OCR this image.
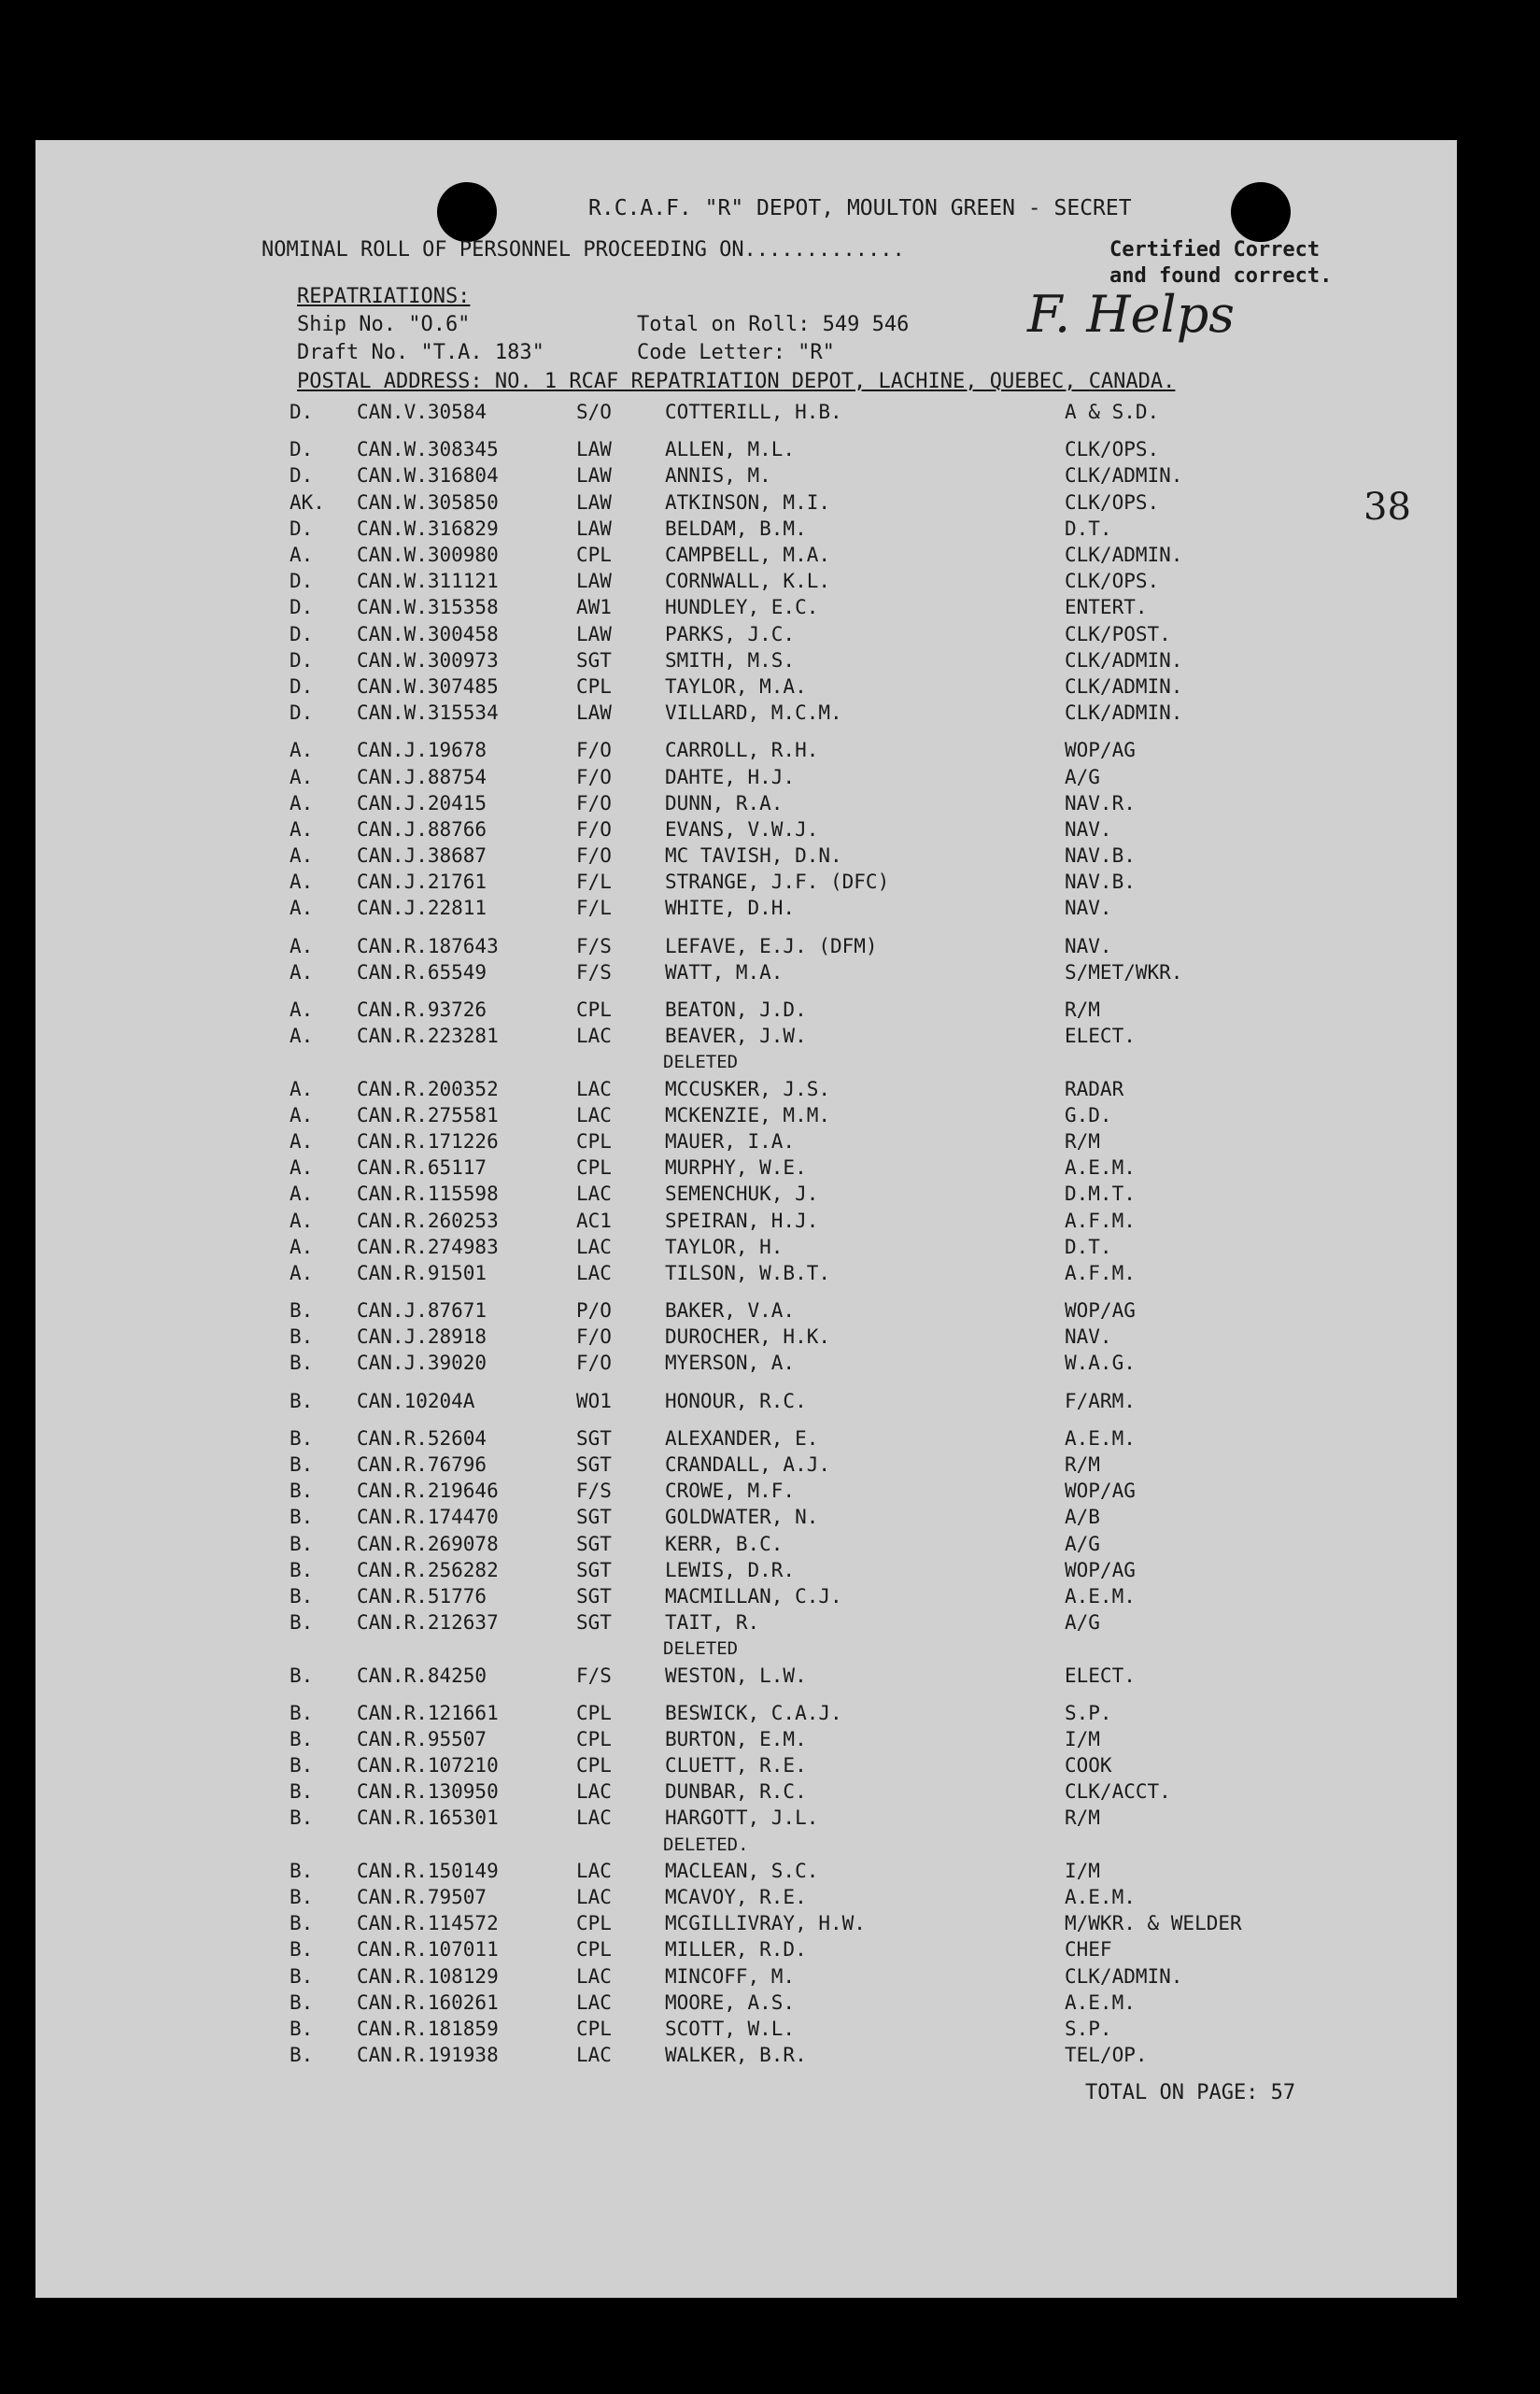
R.C.A.F. "R" DEPOT, MOULTON GREEN - SECRET
NOMINAL ROLL OF PERSONNEL PROCEEDING ON.............	Certified Correct
and found correct.
REPATRIATIONS:
Ship No. "O.6"	Total on Roll: 549 546 F. Helps
Draft No. "T.A. 183"	Code Letter: "R"
POSTAL ADDRESS: NO. 1 RCAF REPATRIATION DEPOT, LACHINE, QUEBEC, CANADA.
38
D.	CAN.V.30584	S/O	COTTERILL, H.B.	A & S.D.
D.	CAN.W.308345	LAW	ALLEN, M.L.	CLK/OPS.
D.	CAN.W.316804	LAW	ANNIS, M.	CLK/ADMIN.
AK.	CAN.W.305850	LAW	ATKINSON, M.I.	CLK/OPS.
D.	CAN.W.316829	LAW	BELDAM, B.M.	D.T.
A.	CAN.W.300980	CPL	CAMPBELL, M.A.	CLK/ADMIN.
D.	CAN.W.311121	LAW	CORNWALL, K.L.	CLK/OPS.
D.	CAN.W.315358	AW1	HUNDLEY, E.C.	ENTERT.
D.	CAN.W.300458	LAW	PARKS, J.C.	CLK/POST.
D.	CAN.W.300973	SGT	SMITH, M.S.	CLK/ADMIN.
D.	CAN.W.307485	CPL	TAYLOR, M.A.	CLK/ADMIN.
D.	CAN.W.315534	LAW	VILLARD, M.C.M.	CLK/ADMIN.
A.	CAN.J.19678	F/O	CARROLL, R.H.	WOP/AG
A.	CAN.J.88754	F/O	DAHTE, H.J.	A/G
A.	CAN.J.20415	F/O	DUNN, R.A.	NAV.R.
A.	CAN.J.88766	F/O	EVANS, V.W.J.	NAV.
A.	CAN.J.38687	F/O	MC TAVISH, D.N.	NAV.B.
A.	CAN.J.21761	F/L	STRANGE, J.F. (DFC)	NAV.B.
A.	CAN.J.22811	F/L	WHITE, D.H.	NAV.
A.	CAN.R.187643	F/S	LEFAVE, E.J. (DFM)	NAV.
A.	CAN.R.65549	F/S	WATT, M.A.	S/MET/WKR.
A.	CAN.R.93726	CPL	BEATON, J.D.	R/M
A.	CAN.R.223281	LAC	BEAVER, J.W.	ELECT.
DELETED
A.	CAN.R.200352	LAC	MCCUSKER, J.S.	RADAR
A.	CAN.R.275581	LAC	MCKENZIE, M.M.	G.D.
A.	CAN.R.171226	CPL	MAUER, I.A.	R/M
A.	CAN.R.65117	CPL	MURPHY, W.E.	A.E.M.
A.	CAN.R.115598	LAC	SEMENCHUK, J.	D.M.T.
A.	CAN.R.260253	AC1	SPEIRAN, H.J.	A.F.M.
A.	CAN.R.274983	LAC	TAYLOR, H.	D.T.
A.	CAN.R.91501	LAC	TILSON, W.B.T.	A.F.M.
B.	CAN.J.87671	P/O	BAKER, V.A.	WOP/AG
B.	CAN.J.28918	F/O	DUROCHER, H.K.	NAV.
B.	CAN.J.39020	F/O	MYERSON, A.	W.A.G.
B.	CAN.10204A	WO1	HONOUR, R.C.	F/ARM.
B.	CAN.R.52604	SGT	ALEXANDER, E.	A.E.M.
B.	CAN.R.76796	SGT	CRANDALL, A.J.	R/M
B.	CAN.R.219646	F/S	CROWE, M.F.	WOP/AG
B.	CAN.R.174470	SGT	GOLDWATER, N.	A/B
B.	CAN.R.269078	SGT	KERR, B.C.	A/G
B.	CAN.R.256282	SGT	LEWIS, D.R.	WOP/AG
B.	CAN.R.51776	SGT	MACMILLAN, C.J.	A.E.M.
B.	CAN.R.212637	SGT	TAIT, R.	A/G
DELETED
B.	CAN.R.84250	F/S	WESTON, L.W.	ELECT.
B.	CAN.R.121661	CPL	BESWICK, C.A.J.	S.P.
B.	CAN.R.95507	CPL	BURTON, E.M.	I/M
B.	CAN.R.107210	CPL	CLUETT, R.E.	COOK
B.	CAN.R.130950	LAC	DUNBAR, R.C.	CLK/ACCT.
B.	CAN.R.165301	LAC	HARGOTT, J.L.	R/M
DELETED.
B.	CAN.R.150149	LAC	MACLEAN, S.C.	I/M
B.	CAN.R.79507	LAC	MCAVOY, R.E.	A.E.M.
B.	CAN.R.114572	CPL	MCGILLIVRAY, H.W.	M/WKR. & WELDER
B.	CAN.R.107011	CPL	MILLER, R.D.	CHEF
B.	CAN.R.108129	LAC	MINCOFF, M.	CLK/ADMIN.
B.	CAN.R.160261	LAC	MOORE, A.S.	A.E.M.
B.	CAN.R.181859	CPL	SCOTT, W.L.	S.P.
B.	CAN.R.191938	LAC	WALKER, B.R.	TEL/OP.
TOTAL ON PAGE: 57
